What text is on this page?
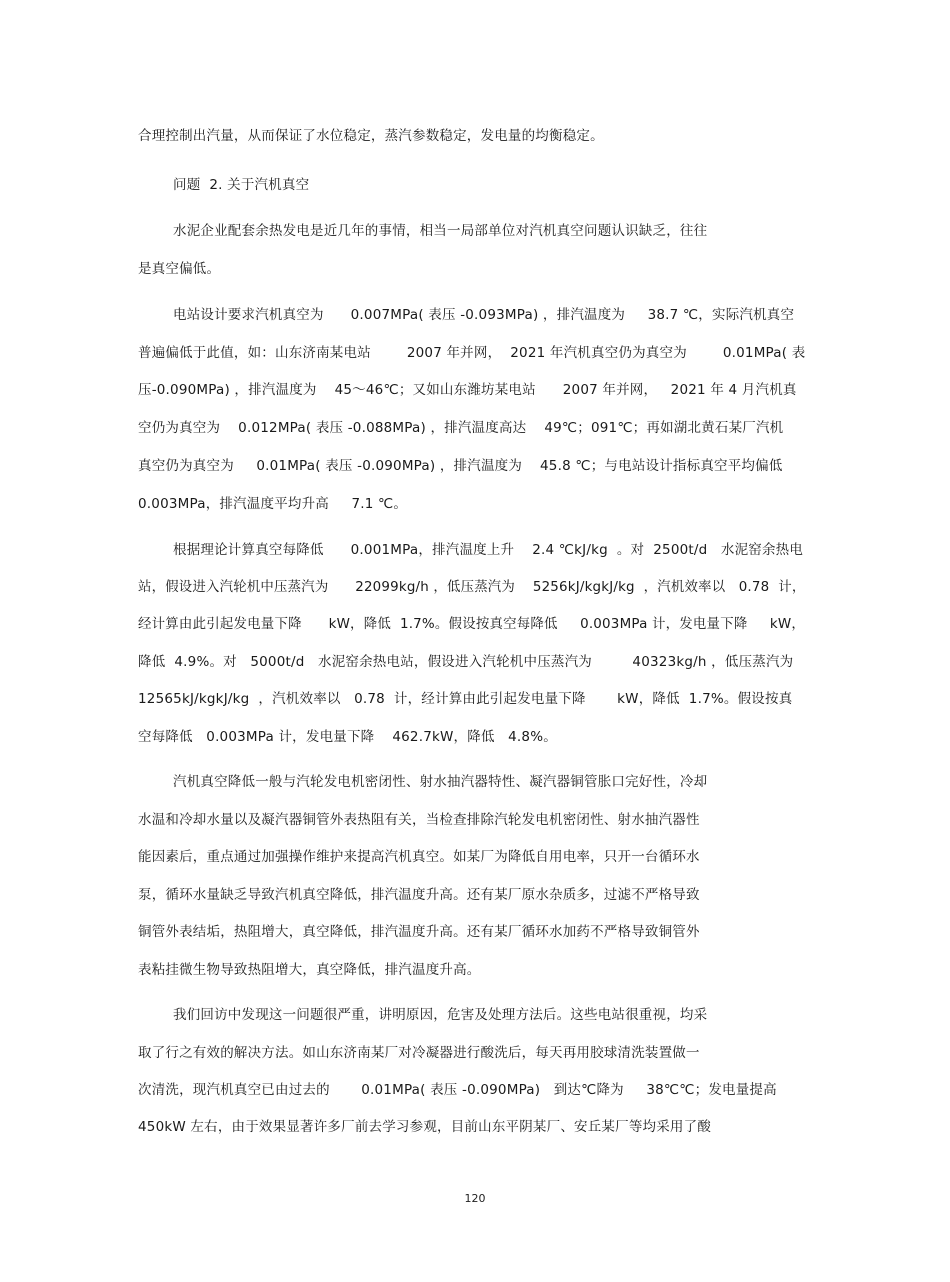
合理控制出汽量，从而保证了水位稳定，蒸汽参数稳定，发电量的均衡稳定。
问题  2. 关于汽机真空
水泥企业配套余热发电是近几年的事情，相当一局部单位对汽机真空问题认识缺乏，往往
是真空偏低。
电站设计要求汽机真空为      0.007MPa( 表压 -0.093MPa) ，排汽温度为     38.7 ℃，实际汽机真空
普遍偏低于此值，如：山东济南某电站        2007 年并网，  2021 年汽机真空仍为真空为        0.01MPa( 表
压-0.090MPa) ，排汽温度为    45～46℃；又如山东潍坊某电站      2007 年并网，   2021 年 4 月汽机真
空仍为真空为    0.012MPa( 表压 -0.088MPa) ，排汽温度高达    49℃；091℃；再如湖北黄石某厂汽机
真空仍为真空为     0.01MPa( 表压 -0.090MPa) ，排汽温度为    45.8 ℃；与电站设计指标真空平均偏低
0.003MPa，排汽温度平均升高     7.1 ℃。
根据理论计算真空每降低      0.001MPa，排汽温度上升    2.4 ℃kJ/kg  。对  2500t/d   水泥窑余热电
站，假设进入汽轮机中压蒸汽为      22099kg/h ，低压蒸汽为    5256kJ/kgkJ/kg  ，汽机效率以   0.78  计，
经计算由此引起发电量下降      kW，降低  1.7%。假设按真空每降低     0.003MPa 计，发电量下降     kW，
降低  4.9%。对   5000t/d   水泥窑余热电站，假设进入汽轮机中压蒸汽为         40323kg/h ，低压蒸汽为
12565kJ/kgkJ/kg  ，汽机效率以   0.78  计，经计算由此引起发电量下降       kW，降低  1.7%。假设按真
空每降低   0.003MPa 计，发电量下降    462.7kW，降低   4.8%。
汽机真空降低一般与汽轮发电机密闭性、射水抽汽器特性、凝汽器铜管胀口完好性，冷却
水温和冷却水量以及凝汽器铜管外表热阻有关，当检查排除汽轮发电机密闭性、射水抽汽器性
能因素后，重点通过加强操作维护来提高汽机真空。如某厂为降低自用电率，只开一台循环水
泵，循环水量缺乏导致汽机真空降低，排汽温度升高。还有某厂原水杂质多，过滤不严格导致
铜管外表结垢，热阻增大，真空降低，排汽温度升高。还有某厂循环水加药不严格导致铜管外
表粘挂微生物导致热阻增大，真空降低，排汽温度升高。
我们回访中发现这一问题很严重，讲明原因，危害及处理方法后。这些电站很重视，均采
取了行之有效的解决方法。如山东济南某厂对冷凝器进行酸洗后，每天再用胶球清洗装置做一
次清洗，现汽机真空已由过去的       0.01MPa( 表压 -0.090MPa)   到达℃降为     38℃℃；发电量提高
450kW 左右，由于效果显著许多厂前去学习参观，目前山东平阴某厂、安丘某厂等均采用了酸
120
